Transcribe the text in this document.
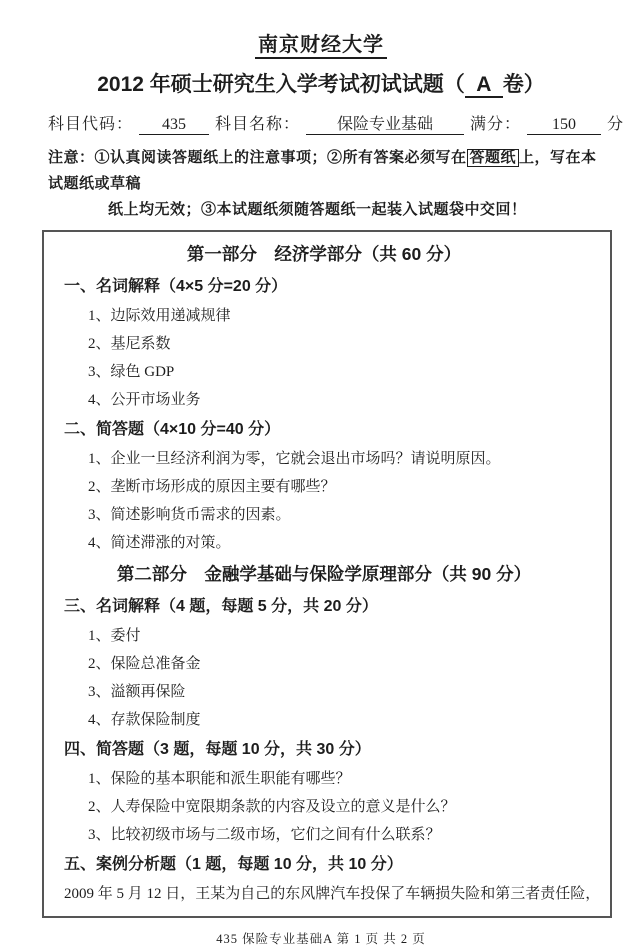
南京财经大学
2012 年硕士研究生入学考试初试试题（ A 卷）
科目代码： 435 科目名称： 保险专业基础 满分： 150 分
注意：①认真阅读答题纸上的注意事项；②所有答案必须写在 答题纸 上，写在本试题纸或草稿
纸上均无效；③本试题纸须随答题纸一起装入试题袋中交回！
第一部分　经济学部分（共 60 分）
一、名词解释（4×5 分=20 分）
1、边际效用递减规律
2、基尼系数
3、绿色 GDP
4、公开市场业务
二、简答题（4×10 分=40 分）
1、企业一旦经济利润为零，它就会退出市场吗？请说明原因。
2、垄断市场形成的原因主要有哪些？
3、简述影响货币需求的因素。
4、简述滞涨的对策。
第二部分　金融学基础与保险学原理部分（共 90 分）
三、名词解释（4 题，每题 5 分，共 20 分）
1、委付
2、保险总准备金
3、溢额再保险
4、存款保险制度
四、简答题（3 题，每题 10 分，共 30 分）
1、保险的基本职能和派生职能有哪些？
2、人寿保险中宽限期条款的内容及设立的意义是什么？
3、比较初级市场与二级市场，它们之间有什么联系？
五、案例分析题（1 题，每题 10 分，共 10 分）
2009 年 5 月 12 日，王某为自己的东风牌汽车投保了车辆损失险和第三者责任险，
435 保险专业基础A 第 1 页 共 2 页
